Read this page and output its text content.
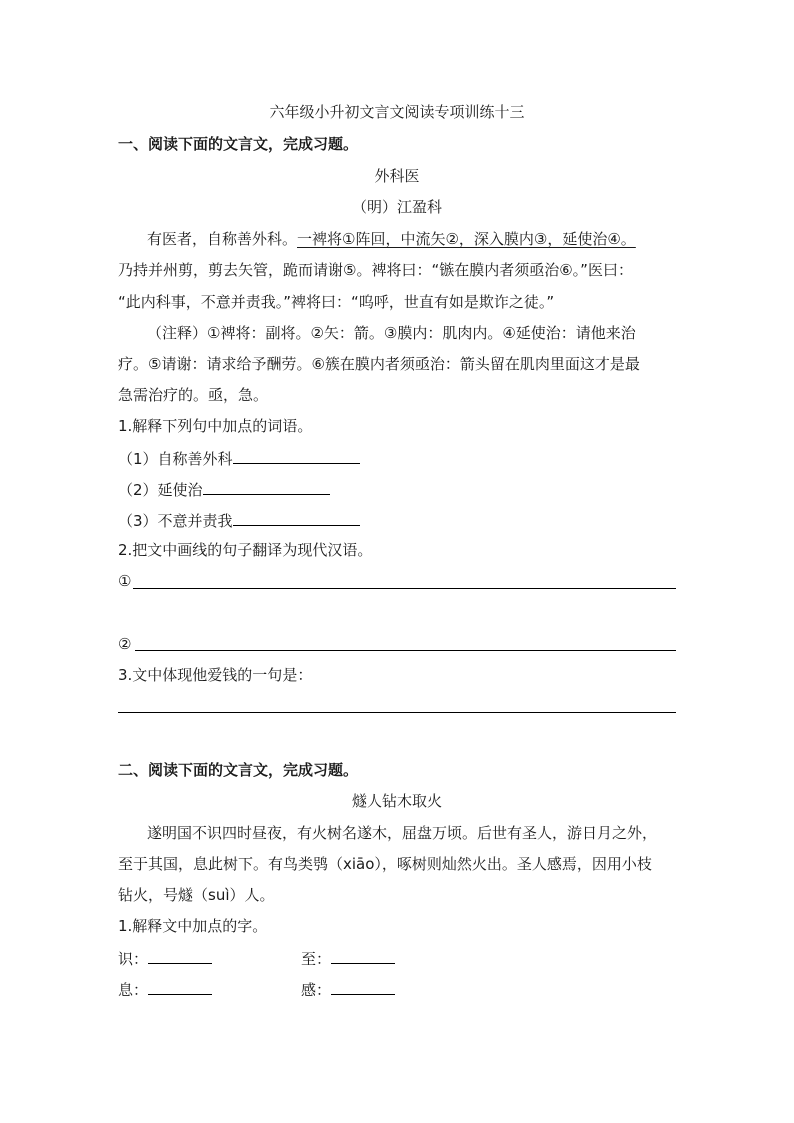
六年级小升初文言文阅读专项训练十三
一、阅读下面的文言文，完成习题。
外科医
（明）江盈科
有医者，自称善外科。一裨将①阵回，中流矢②，深入膜内③，延使治④。
乃持并州剪，剪去矢管，跪而请谢⑤。裨将曰：“镞在膜内者须亟治⑥。”医曰：
“此内科事，不意并责我。”裨将曰：“呜呼，世直有如是欺诈之徒。”
（注释）①裨将：副将。②矢：箭。③膜内：肌肉内。④延使治：请他来治
疗。⑤请谢：请求给予酬劳。⑥簇在膜内者须亟治：箭头留在肌肉里面这才是最
急需治疗的。亟，急。
1.解释下列句中加点的词语。
（1）自称善外科
（2）延使治
（3）不意并责我
2.把文中画线的句子翻译为现代汉语。
①
②
3.文中体现他爱钱的一句是：
二、阅读下面的文言文，完成习题。
燧人钻木取火
遂明国不识四时昼夜，有火树名遂木，屈盘万顷。后世有圣人，游日月之外，
至于其国，息此树下。有鸟类鸮（xiāo），啄树则灿然火出。圣人感焉，因用小枝
钻火，号燧（suì）人。
1.解释文中加点的字。
识：	至：
息：	感：
